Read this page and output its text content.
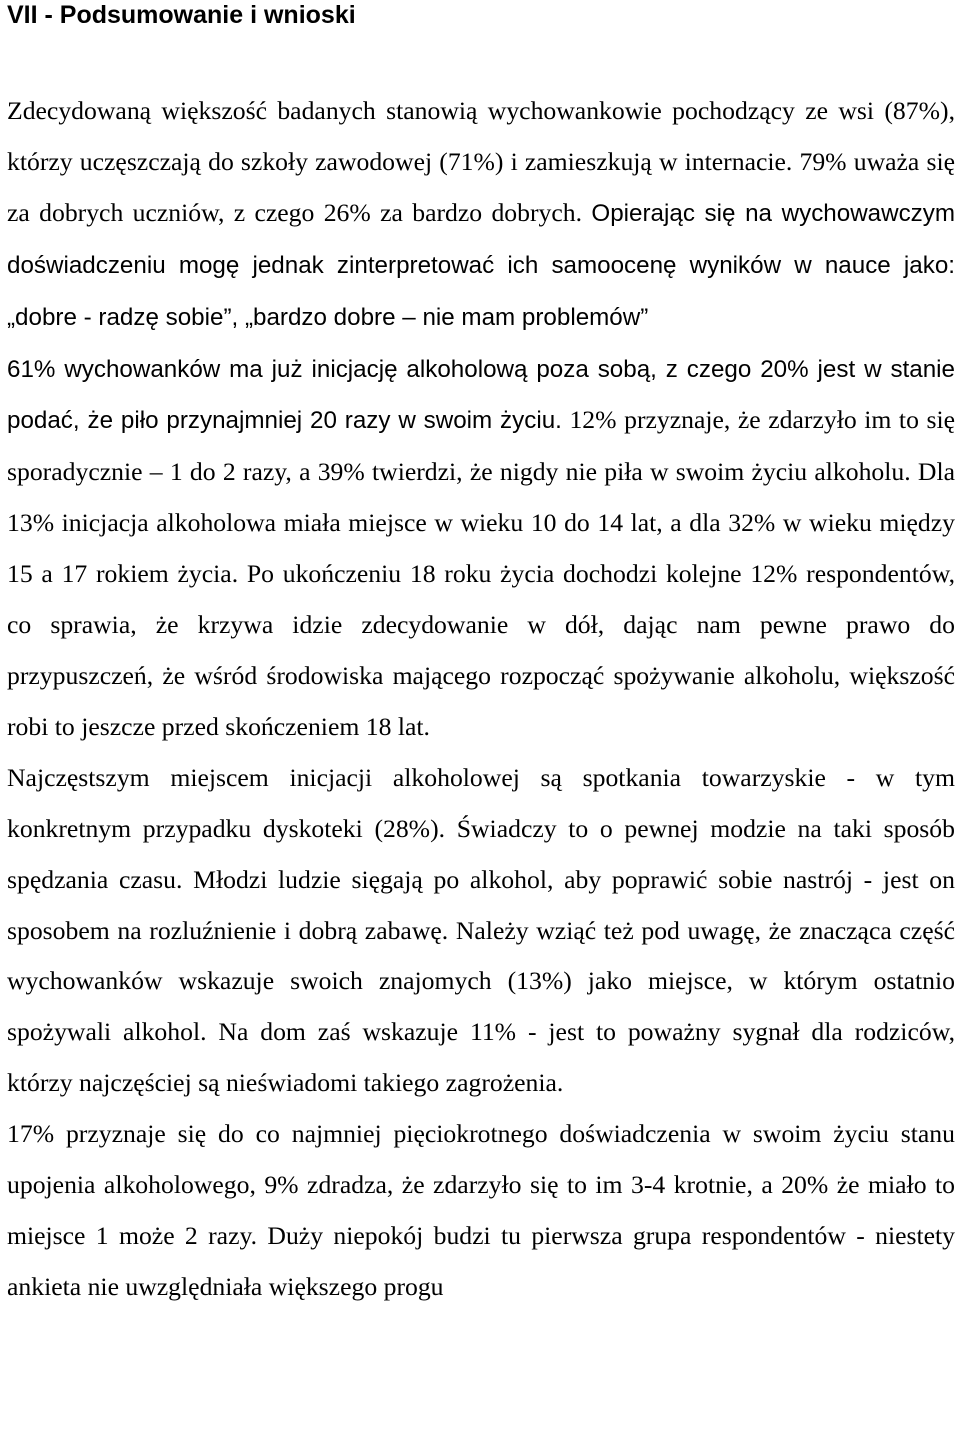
VII - Podsumowanie i wnioski

Zdecydowaną większość badanych stanowią wychowankowie pochodzący ze wsi (87%), którzy uczęszczają do szkoły zawodowej (71%) i zamieszkują w internacie. 79% uważa się za dobrych uczniów, z czego 26% za bardzo dobrych. Opierając się na wychowawczym doświadczeniu mogę jednak zinterpretować ich samoocenę wyników w nauce jako: „dobre - radzę sobie”, „bardzo dobre – nie mam problemów”

61% wychowanków ma już inicjację alkoholową poza sobą, z czego 20% jest w stanie podać, że piło przynajmniej 20 razy w swoim życiu. 12% przyznaje, że zdarzyło im to się sporadycznie – 1 do 2 razy, a 39% twierdzi, że nigdy nie piła w swoim życiu alkoholu. Dla 13% inicjacja alkoholowa miała miejsce w wieku 10 do 14 lat, a dla 32% w wieku między 15 a 17 rokiem życia. Po ukończeniu 18 roku życia dochodzi kolejne 12% respondentów, co sprawia, że krzywa idzie zdecydowanie w dół, dając nam pewne prawo do przypuszczeń, że wśród środowiska mającego rozpocząć spożywanie alkoholu, większość robi to jeszcze przed skończeniem 18 lat.

Najczęstszym miejscem inicjacji alkoholowej są spotkania towarzyskie - w tym konkretnym przypadku dyskoteki (28%). Świadczy to o pewnej modzie na taki sposób spędzania czasu. Młodzi ludzie sięgają po alkohol, aby poprawić sobie nastrój - jest on sposobem na rozluźnienie i dobrą zabawę. Należy wziąć też pod uwagę, że znacząca część wychowanków wskazuje swoich znajomych (13%) jako miejsce, w którym ostatnio spożywali alkohol. Na dom zaś wskazuje 11% - jest to poważny sygnał dla rodziców, którzy najczęściej są nieświadomi takiego zagrożenia.

17% przyznaje się do co najmniej pięciokrotnego doświadczenia w swoim życiu stanu upojenia alkoholowego, 9% zdradza, że zdarzyło się to im 3-4 krotnie, a 20% że miało to miejsce 1 może 2 razy. Duży niepokój budzi tu pierwsza grupa respondentów - niestety ankieta nie uwzględniała większego progu
